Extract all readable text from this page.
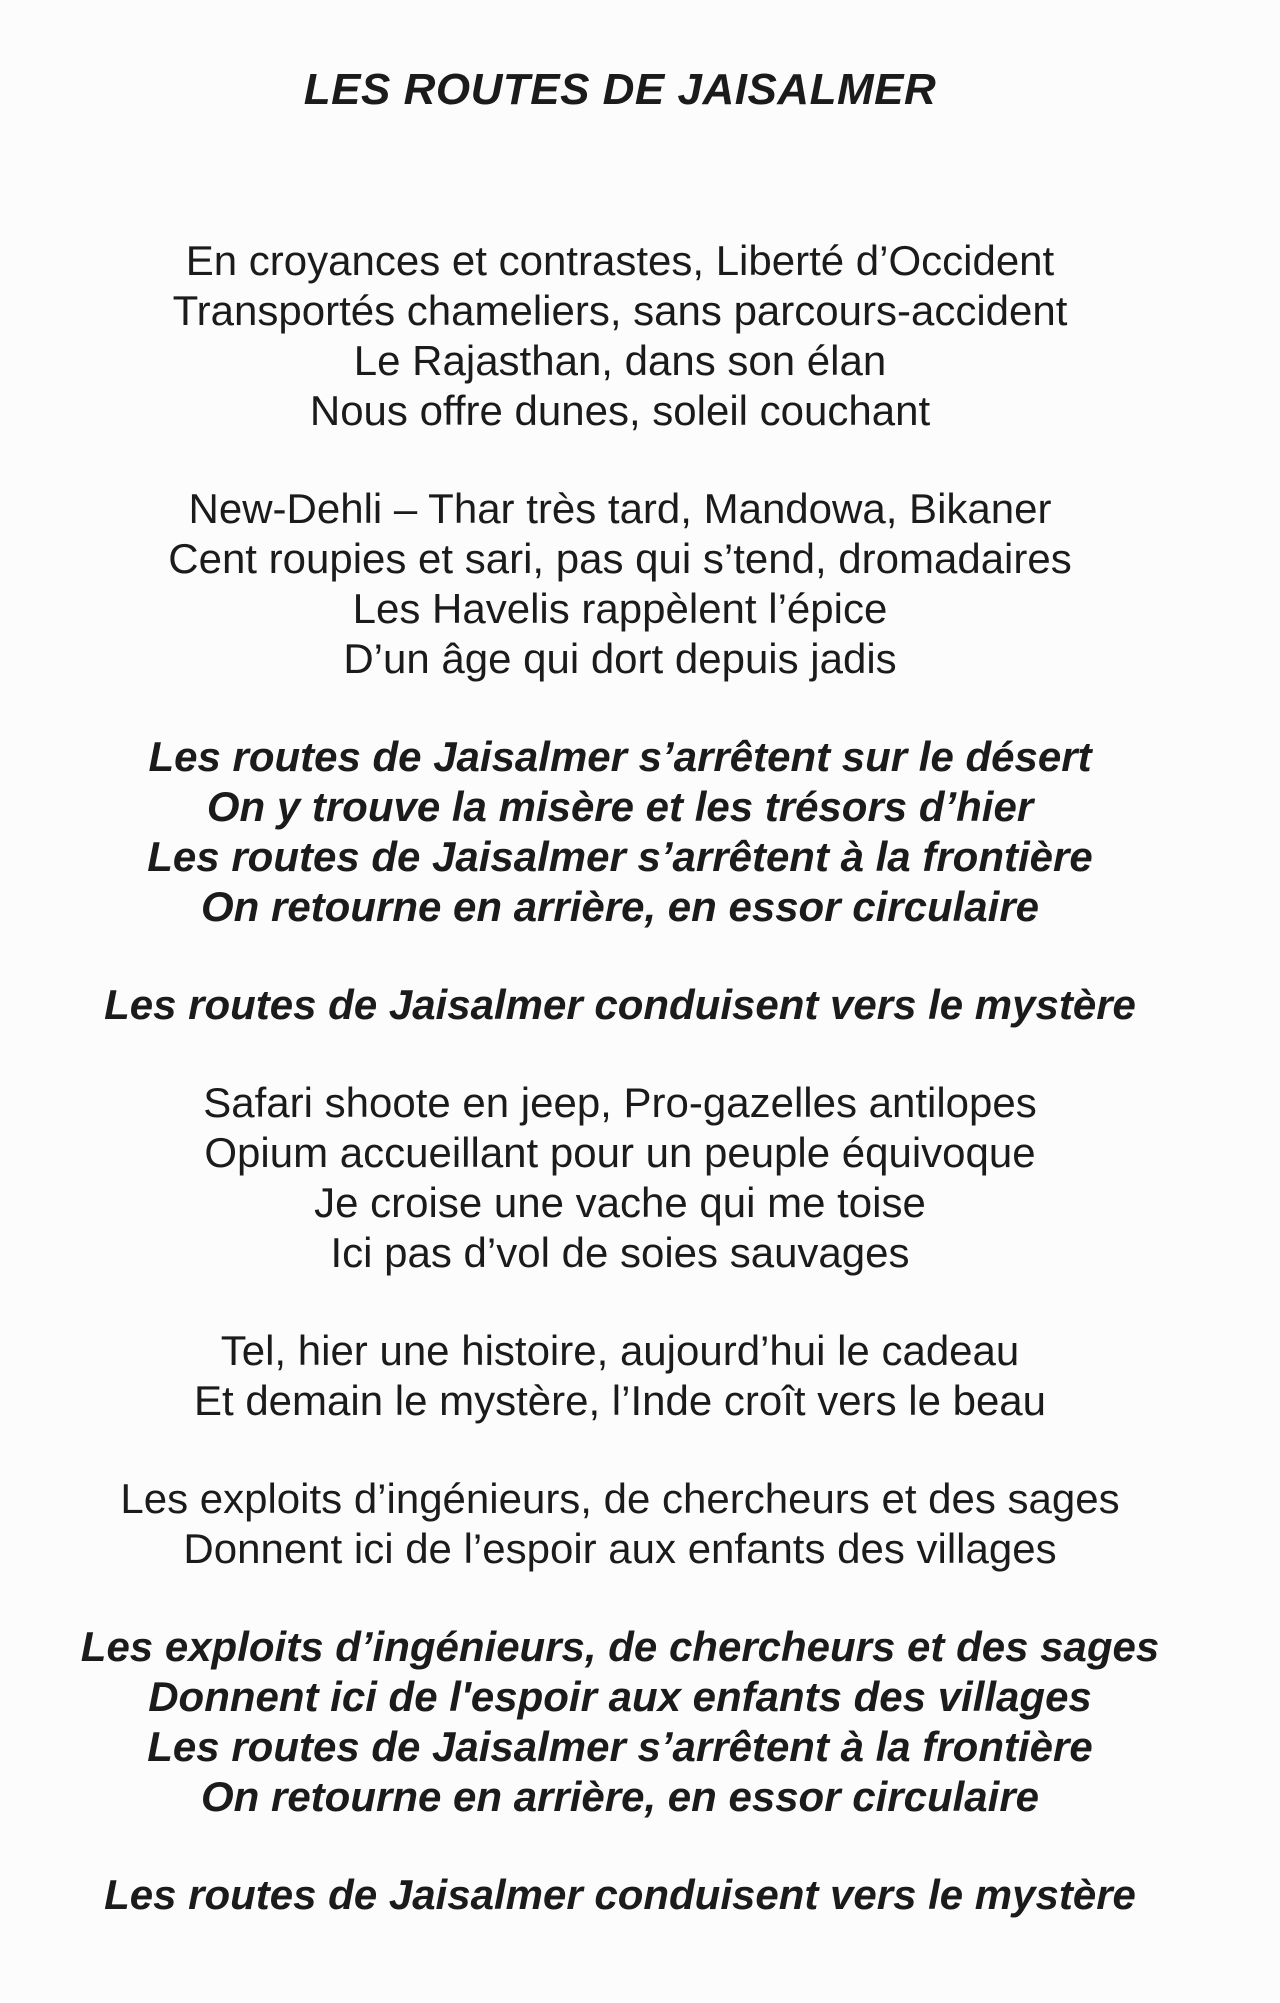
LES ROUTES DE JAISALMER
En croyances et contrastes, Liberté d’Occident
Transportés chameliers, sans parcours-accident
Le Rajasthan, dans son élan
Nous offre dunes, soleil couchant
New-Dehli – Thar très tard, Mandowa, Bikaner
Cent roupies et sari, pas qui s’tend, dromadaires
Les Havelis rappèlent l’épice
D’un âge qui dort depuis jadis
Les routes de Jaisalmer s’arrêtent sur le désert
On y trouve la misère et les trésors d’hier
Les routes de Jaisalmer s’arrêtent à la frontière
On retourne en arrière, en essor circulaire
Les routes de Jaisalmer conduisent vers le mystère
Safari shoote en jeep, Pro-gazelles antilopes
Opium accueillant pour un peuple équivoque
Je croise une vache qui me toise
Ici pas d’vol de soies sauvages
Tel, hier une histoire, aujourd’hui le cadeau
Et demain le mystère, l’Inde croît vers le beau
Les exploits d’ingénieurs, de chercheurs et des sages
Donnent ici de l’espoir aux enfants des villages
Les exploits d’ingénieurs, de chercheurs et des sages
Donnent ici de l'espoir aux enfants des villages
Les routes de Jaisalmer s’arrêtent à la frontière
On retourne en arrière, en essor circulaire
Les routes de Jaisalmer conduisent vers le mystère
